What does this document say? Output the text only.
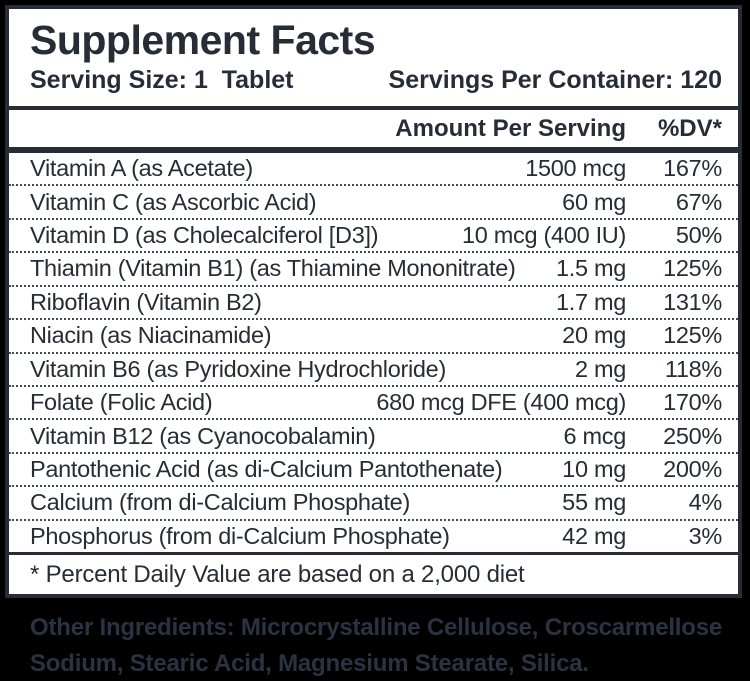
Supplement Facts
Serving Size: 1  Tablet	Servings Per Container: 120
Amount Per Serving	%DV*
Vitamin A (as Acetate)	1500 mcg	167%
Vitamin C (as Ascorbic Acid)	60 mg	67%
Vitamin D (as Cholecalciferol [D3])	10 mcg (400 IU)	50%
Thiamin (Vitamin B1) (as Thiamine Mononitrate)	1.5 mg	125%
Riboflavin (Vitamin B2)	1.7 mg	131%
Niacin (as Niacinamide)	20 mg	125%
Vitamin B6 (as Pyridoxine Hydrochloride)	2 mg	118%
Folate (Folic Acid)	680 mcg DFE (400 mcg)	170%
Vitamin B12 (as Cyanocobalamin)	6 mcg	250%
Pantothenic Acid (as di-Calcium Pantothenate)	10 mg	200%
Calcium (from di-Calcium Phosphate)	55 mg	4%
Phosphorus (from di-Calcium Phosphate)	42 mg	3%
* Percent Daily Value are based on a 2,000 diet
Other Ingredients: Microcrystalline Cellulose, Croscarmellose
Sodium, Stearic Acid, Magnesium Stearate, Silica.
